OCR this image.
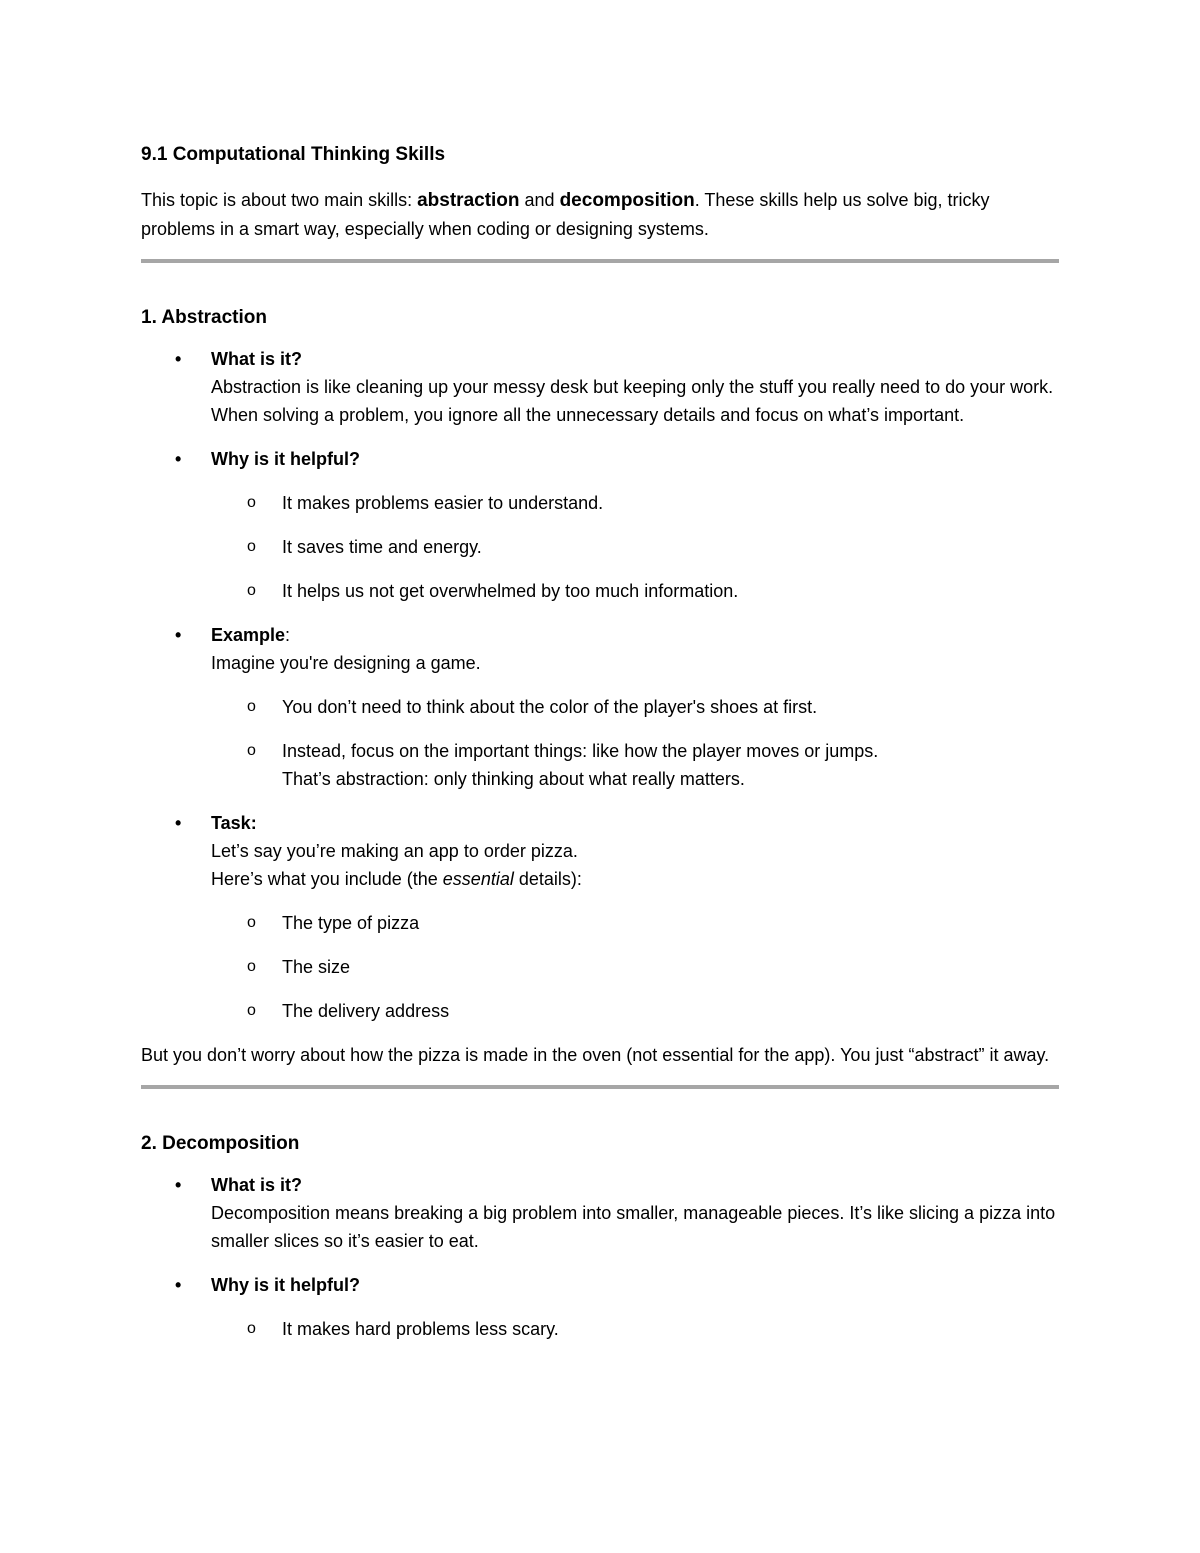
9.1 Computational Thinking Skills

This topic is about two main skills: abstraction and decomposition. These skills help us solve big, tricky problems in a smart way, especially when coding or designing systems.

1. Abstraction

• What is it?
Abstraction is like cleaning up your messy desk but keeping only the stuff you really need to do your work.
When solving a problem, you ignore all the unnecessary details and focus on what’s important.
• Why is it helpful?
o It makes problems easier to understand.
o It saves time and energy.
o It helps us not get overwhelmed by too much information.
• Example:
Imagine you're designing a game.
o You don’t need to think about the color of the player's shoes at first.
o Instead, focus on the important things: like how the player moves or jumps.
That’s abstraction: only thinking about what really matters.
• Task:
Let’s say you’re making an app to order pizza.
Here’s what you include (the essential details):
o The type of pizza
o The size
o The delivery address

But you don’t worry about how the pizza is made in the oven (not essential for the app). You just “abstract” it away.

2. Decomposition

• What is it?
Decomposition means breaking a big problem into smaller, manageable pieces. It’s like slicing a pizza into smaller slices so it’s easier to eat.
• Why is it helpful?
o It makes hard problems less scary.
